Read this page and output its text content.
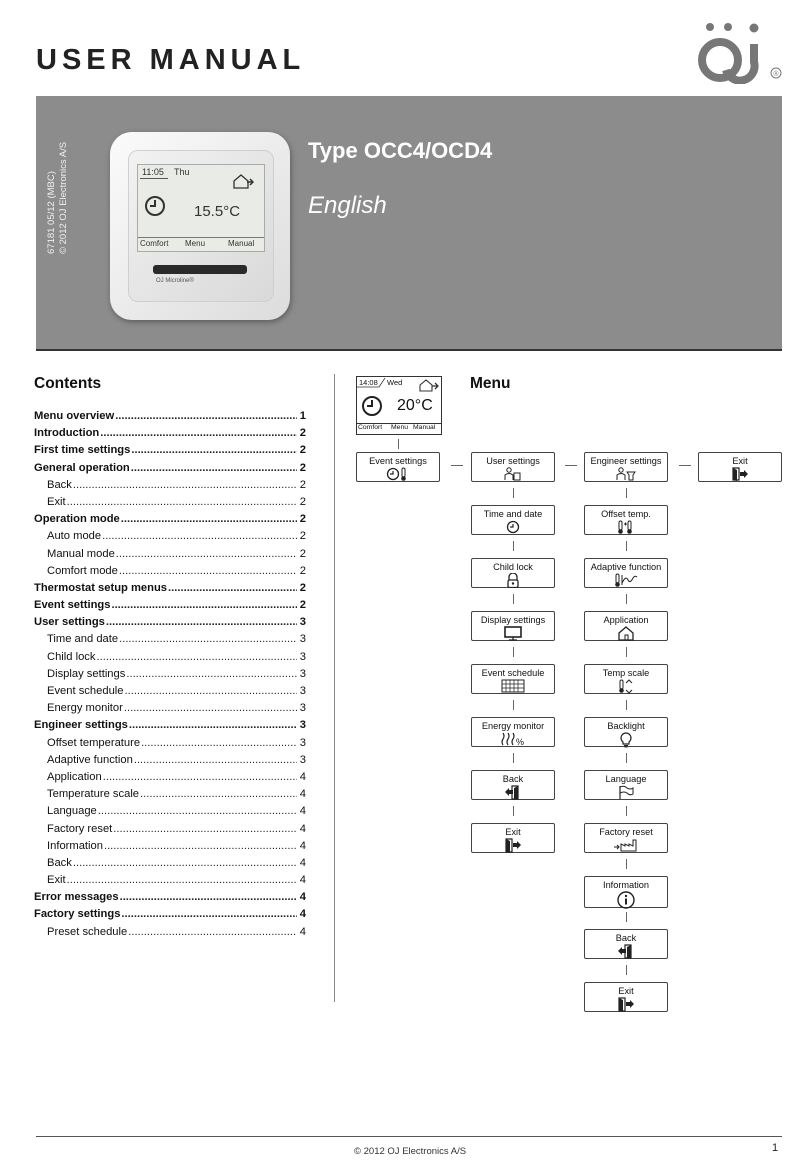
USER MANUAL	®
67181 05/12 (MBC) © 2012 OJ Electronics A/S	Type OCC4/OCD4
English
11:05 Thu
15.5°C
Comfort Menu	Manual
OJ Microline®
Contents
Menu overview .....	1
Introduction .....	2
First time settings .....	2
General operation .....	2
Back .....	2
Exit .....	2
Operation mode .....	2
Auto mode .....	2
Manual mode .....	2
Comfort mode .....	2
Thermostat setup menus .....	2
Event settings .....	2
User settings .....	3
Time and date .....	3
Child lock .....	3
Display settings .....	3
Event schedule .....	3
Energy monitor .....	3
Engineer settings .....	3
Offset temperature .....	3
Adaptive function .....	3
Application .....	4
Temperature scale .....	4
Language .....	4
Factory reset .....	4
Information .....	4
Back .....	4
Exit .....	4
Error messages .....	4
Factory settings .....	4
Preset schedule .....	4
Menu
14:08 Wed
20°C
Comfort Menu Manual
Event settings	User settings	Engineer settings	Exit
Time and date
Child lock
Display settings
Event schedule
Energy monitor
%
Back
Exit
Offset temp.
Adaptive function
Application
Temp scale
Backlight
Language
Factory reset
Information
Back
Exit
© 2012 OJ Electronics A/S	1
